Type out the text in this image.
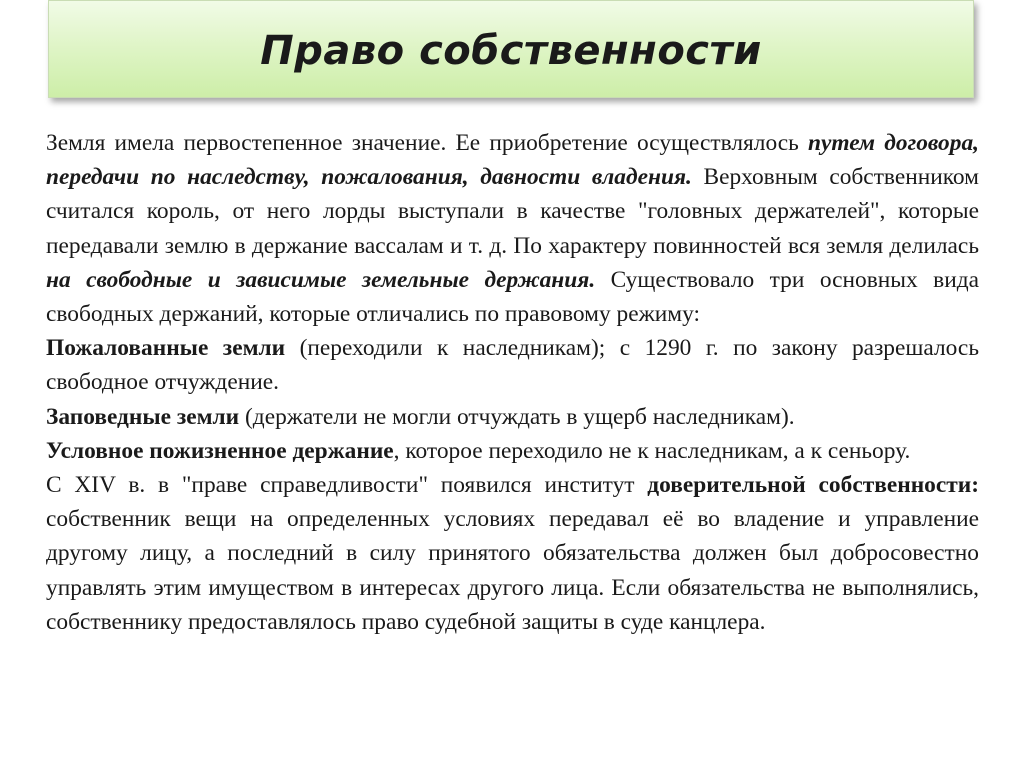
Право собственности

Земля имела первостепенное значение. Ее приобретение осуществлялось путем договора, передачи по наследству, пожалования, давности владения. Верховным собственником считался король, от него лорды выступали в качестве "головных держателей", которые передавали землю в держание вассалам и т. д. По характеру повинностей вся земля делилась на свободные и зависимые земельные держания. Существовало три основных вида свободных держаний, которые отличались по правовому режиму:

Пожалованные земли (переходили к наследникам); с 1290 г. по закону разрешалось свободное отчуждение.

Заповедные земли (держатели не могли отчуждать в ущерб наследникам).

Условное пожизненное держание, которое переходило не к наследникам, а к сеньору.

С XIV в. в "праве справедливости" появился институт доверительной собственности: собственник вещи на определенных условиях передавал её во владение и управление другому лицу, а последний в силу принятого обязательства должен был добросовестно управлять этим имуществом в интересах другого лица. Если обязательства не выполнялись, собственнику предоставлялось право судебной защиты в суде канцлера.
